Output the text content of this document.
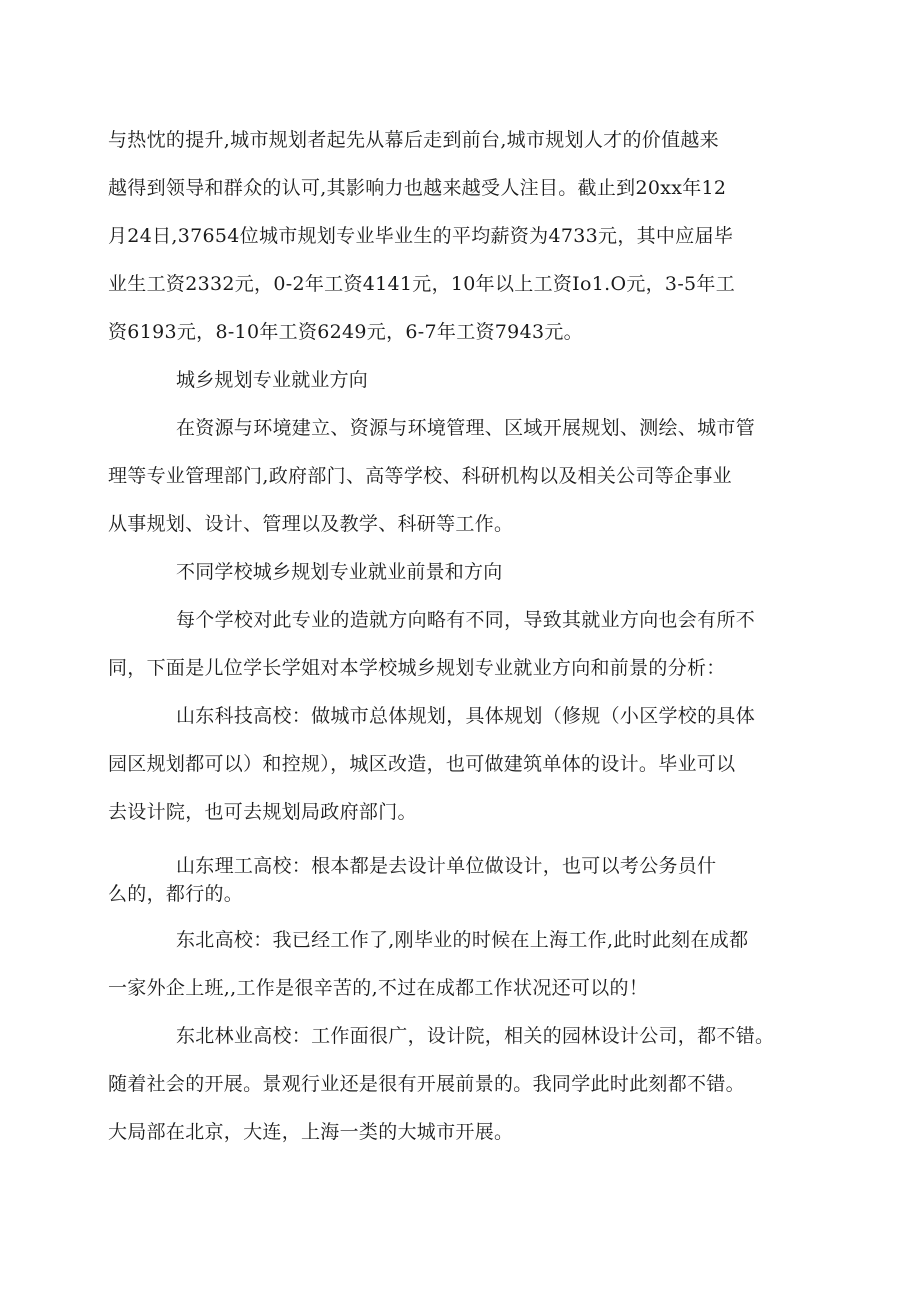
与热忱的提升,城市规划者起先从幕后走到前台,城市规划人才的价值越来
越得到领导和群众的认可,其影响力也越来越受人注目。截止到20xx年12
月24日,37654位城市规划专业毕业生的平均薪资为4733元，其中应届毕
业生工资2332元，0-2年工资4141元，10年以上工资Io1.O元，3-5年工
资6193元，8-10年工资6249元，6-7年工资7943元。
城乡规划专业就业方向
在资源与环境建立、资源与环境管理、区域开展规划、测绘、城市管
理等专业管理部门,政府部门、高等学校、科研机构以及相关公司等企事业
从事规划、设计、管理以及教学、科研等工作。
不同学校城乡规划专业就业前景和方向
每个学校对此专业的造就方向略有不同，导致其就业方向也会有所不
同，下面是儿位学长学姐对本学校城乡规划专业就业方向和前景的分析：
山东科技高校：做城市总体规划，具体规划（修规（小区学校的具体
园区规划都可以）和控规），城区改造，也可做建筑单体的设计。毕业可以
去设计院，也可去规划局政府部门。
山东理工高校：根本都是去设计单位做设计，也可以考公务员什
么的，都行的。
东北高校：我已经工作了,刚毕业的时候在上海工作,此时此刻在成都
一家外企上班,,工作是很辛苦的,不过在成都工作状况还可以的！
东北林业高校：工作面很广，设计院，相关的园林设计公司，都不错。
随着社会的开展。景观行业还是很有开展前景的。我同学此时此刻都不错。
大局部在北京，大连，上海一类的大城市开展。
